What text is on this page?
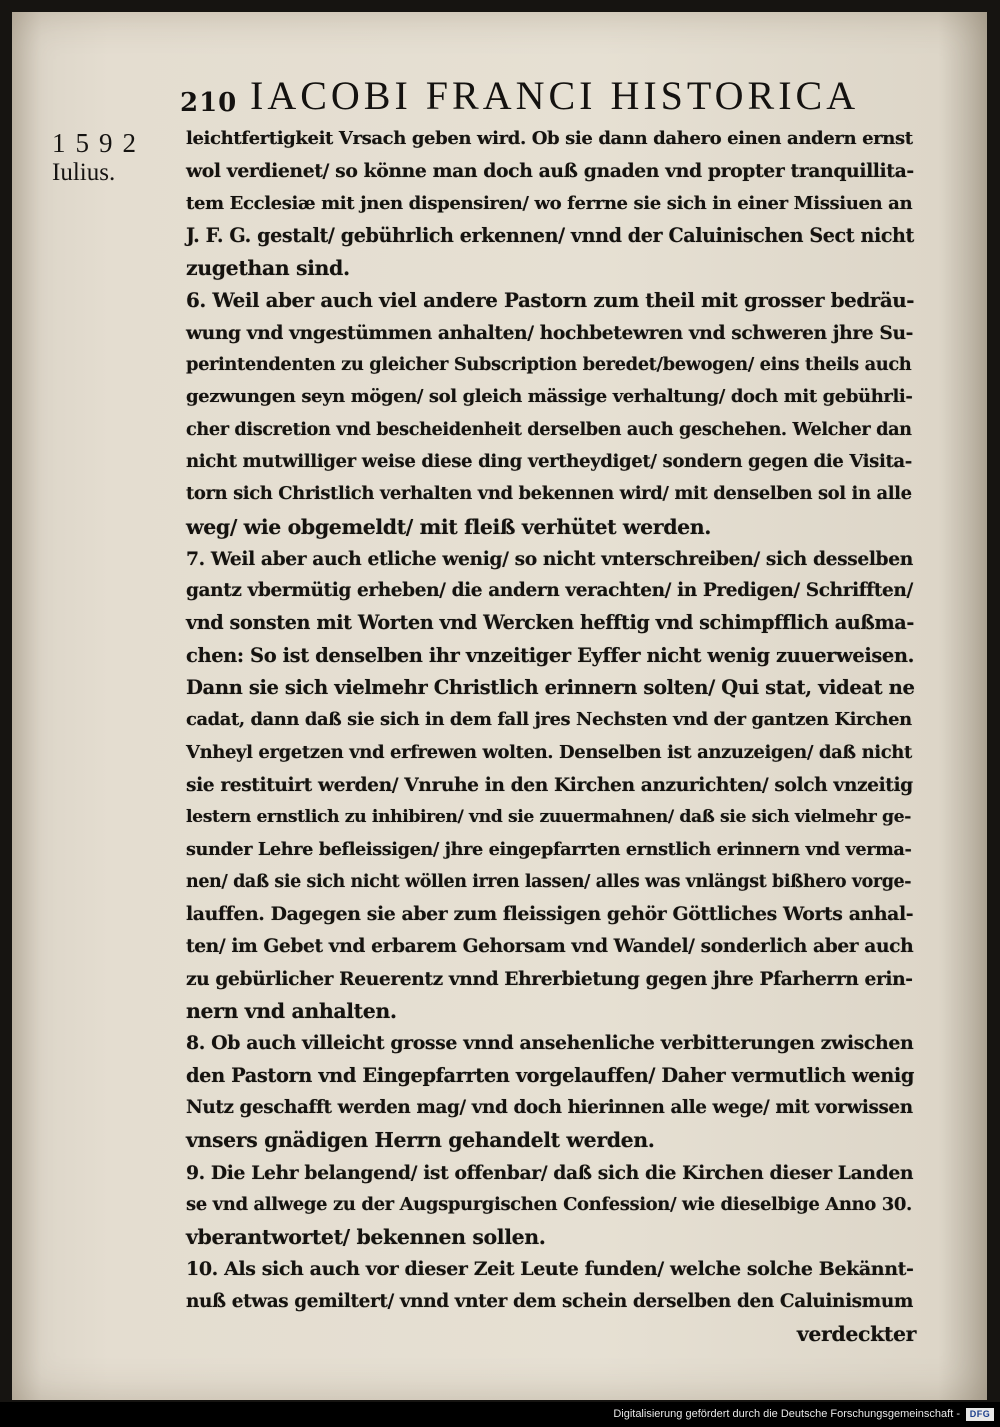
210 IACOBI FRANCI HISTORICA
1592
Iulius.
leichtfertigkeit Vrsach geben wird. Ob sie dann dahero einen andern ernst
wol verdienet/ so könne man doch auß gnaden vnd propter tranquillita-
tem Ecclesiæ mit jnen dispensiren/ wo ferrne sie sich in einer Missiuen an
J. F. G. gestalt/ gebührlich erkennen/ vnnd der Caluinischen Sect nicht
zugethan sind.
6. Weil aber auch viel andere Pastorn zum theil mit grosser bedräu-
wung vnd vngestümmen anhalten/ hochbetewren vnd schweren jhre Su-
perintendenten zu gleicher Subscription beredet/bewogen/ eins theils auch
gezwungen seyn mögen/ sol gleich mässige verhaltung/ doch mit gebührli-
cher discretion vnd bescheidenheit derselben auch geschehen. Welcher dan
nicht mutwilliger weise diese ding vertheydiget/ sondern gegen die Visita-
torn sich Christlich verhalten vnd bekennen wird/ mit denselben sol in alle
weg/ wie obgemeldt/ mit fleiß verhütet werden.
7. Weil aber auch etliche wenig/ so nicht vnterschreiben/ sich desselben
gantz vbermütig erheben/ die andern verachten/ in Predigen/ Schrifften/
vnd sonsten mit Worten vnd Wercken hefftig vnd schimpfflich außma-
chen: So ist denselben ihr vnzeitiger Eyffer nicht wenig zuuerweisen.
Dann sie sich vielmehr Christlich erinnern solten/ Qui stat, videat ne
cadat, dann daß sie sich in dem fall jres Nechsten vnd der gantzen Kirchen
Vnheyl ergetzen vnd erfrewen wolten. Denselben ist anzuzeigen/ daß nicht
sie restituirt werden/ Vnruhe in den Kirchen anzurichten/ solch vnzeitig
lestern ernstlich zu inhibiren/ vnd sie zuuermahnen/ daß sie sich vielmehr ge-
sunder Lehre befleissigen/ jhre eingepfarrten ernstlich erinnern vnd verma-
nen/ daß sie sich nicht wöllen irren lassen/ alles was vnlängst bißhero vorge-
lauffen. Dagegen sie aber zum fleissigen gehör Göttliches Worts anhal-
ten/ im Gebet vnd erbarem Gehorsam vnd Wandel/ sonderlich aber auch
zu gebürlicher Reuerentz vnnd Ehrerbietung gegen jhre Pfarherrn erin-
nern vnd anhalten.
8. Ob auch villeicht grosse vnnd ansehenliche verbitterungen zwischen
den Pastorn vnd Eingepfarrten vorgelauffen/ Daher vermutlich wenig
Nutz geschafft werden mag/ vnd doch hierinnen alle wege/ mit vorwissen
vnsers gnädigen Herrn gehandelt werden.
9. Die Lehr belangend/ ist offenbar/ daß sich die Kirchen dieser Landen
se vnd allwege zu der Augspurgischen Confession/ wie dieselbige Anno 30.
vberantwortet/ bekennen sollen.
10. Als sich auch vor dieser Zeit Leute funden/ welche solche Bekännt-
nuß etwas gemiltert/ vnnd vnter dem schein derselben den Caluinismum
verdeckter
Digitalisierung gefördert durch die Deutsche Forschungsgemeinschaft -	DFG
